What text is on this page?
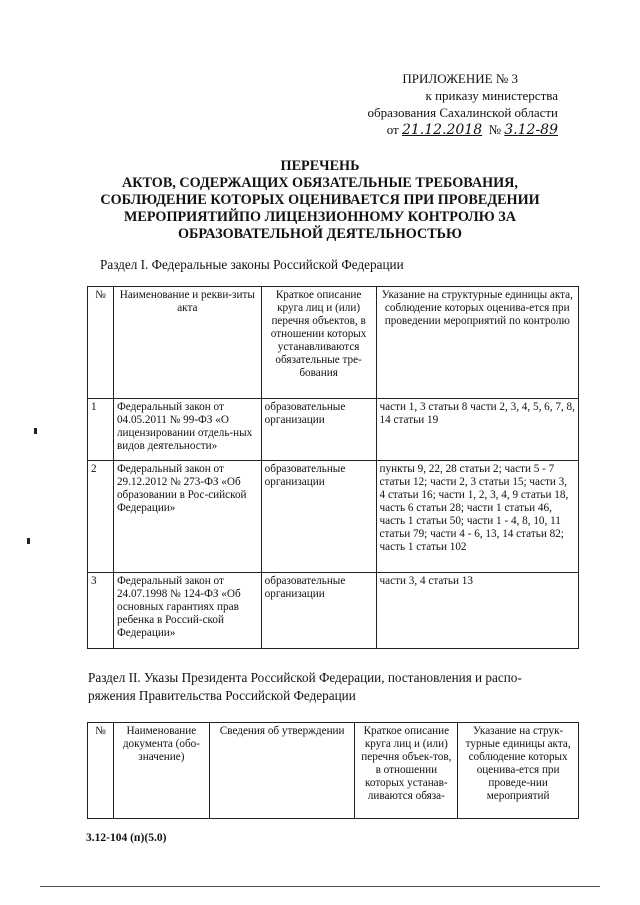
ПРИЛОЖЕНИЕ № 3
к приказу министерства
образования Сахалинской области
от 21.12.2018 № 3.12-89
ПЕРЕЧЕНЬ
АКТОВ, СОДЕРЖАЩИХ ОБЯЗАТЕЛЬНЫЕ ТРЕБОВАНИЯ,
СОБЛЮДЕНИЕ КОТОРЫХ ОЦЕНИВАЕТСЯ ПРИ ПРОВЕДЕНИИ
МЕРОПРИЯТИЙПО ЛИЦЕНЗИОННОМУ КОНТРОЛЮ ЗА
ОБРАЗОВАТЕЛЬНОЙ ДЕЯТЕЛЬНОСТЬЮ
Раздел I. Федеральные законы Российской Федерации
№	Наименование и рекви-зиты акта	Краткое описание круга лиц и (или) перечня объектов, в отношении которых устанавливаются обязательные тре-бования	Указание на структурные единицы акта, соблюдение которых оценива-ется при проведении мероприятий по контролю
1	Федеральный закон от 04.05.2011 № 99-ФЗ «О лицензировании отдель-ных видов деятельности»	образовательные организации	части 1, 3 статьи 8 части 2, 3, 4, 5, 6, 7, 8, 14 статьи 19
2	Федеральный закон от 29.12.2012 № 273-ФЗ «Об образовании в Рос-сийской Федерации»	образовательные организации	пункты 9, 22, 28 статьи 2; части 5 - 7 статьи 12; части 2, 3 статьи 15; части 3, 4 статьи 16; части 1, 2, 3, 4, 9 статьи 18, часть 6 статьи 28; части 1 статьи 46, часть 1 статьи 50; части 1 - 4, 8, 10, 11 статьи 79; части 4 - 6, 13, 14 статьи 82; часть 1 статьи 102
3	Федеральный закон от 24.07.1998 № 124-ФЗ «Об основных гарантиях прав ребенка в Россий-ской Федерации»	образовательные организации	части 3, 4 статьи 13
Раздел II. Указы Президента Российской Федерации, постановления и распо-
ряжения Правительства Российской Федерации
№	Наименование документа (обо-значение)	Сведения об утверждении	Краткое описание круга лиц и (или) перечня объек-тов, в отношении которых устанав-ливаются обяза-	Указание на струк-турные единицы акта, соблюдение которых оценива-ется при проведе-нии мероприятий
3.12-104 (п)(5.0)
